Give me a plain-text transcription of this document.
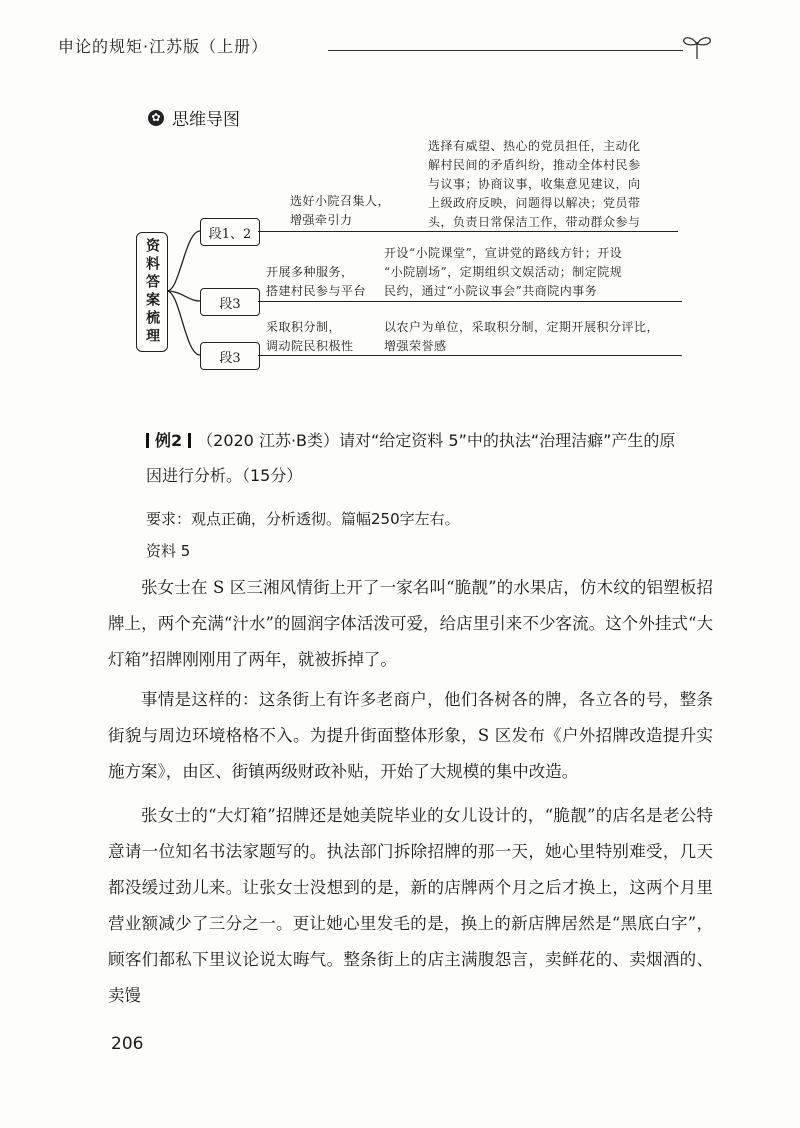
申论的规矩·江苏版（上册）
✿ 思维导图
资料答案梳理
段1、2
选好小院召集人，
增强牵引力
选择有威望、热心的党员担任，主动化
解村民间的矛盾纠纷，推动全体村民参
与议事；协商议事，收集意见建议，向
上级政府反映，问题得以解决；党员带
头，负责日常保洁工作，带动群众参与
段3
开展多种服务，
搭建村民参与平台
开设“小院课堂”，宣讲党的路线方针；开设
“小院剧场”，定期组织文娱活动；制定院规
民约，通过“小院议事会”共商院内事务
段3
采取积分制，
调动院民积极性
以农户为单位，采取积分制，定期开展积分评比，
增强荣誉感
例2 （2020 江苏·B类）请对“给定资料 5”中的执法“治理洁癖”产生的原
因进行分析。（15分）
要求：观点正确，分析透彻。篇幅250字左右。
资料 5
张女士在 S 区三湘风情街上开了一家名叫“脆靓”的水果店，仿木纹的铝塑板招牌上，两个充满“汁水”的圆润字体活泼可爱，给店里引来不少客流。这个外挂式“大灯箱”招牌刚刚用了两年，就被拆掉了。
事情是这样的：这条街上有许多老商户，他们各树各的牌，各立各的号，整条街貌与周边环境格格不入。为提升街面整体形象，S 区发布《户外招牌改造提升实施方案》，由区、街镇两级财政补贴，开始了大规模的集中改造。
张女士的“大灯箱”招牌还是她美院毕业的女儿设计的，“脆靓”的店名是老公特意请一位知名书法家题写的。执法部门拆除招牌的那一天，她心里特别难受，几天都没缓过劲儿来。让张女士没想到的是，新的店牌两个月之后才换上，这两个月里营业额减少了三分之一。更让她心里发毛的是，换上的新店牌居然是“黑底白字”，顾客们都私下里议论说太晦气。整条街上的店主满腹怨言，卖鲜花的、卖烟酒的、卖馒
206
